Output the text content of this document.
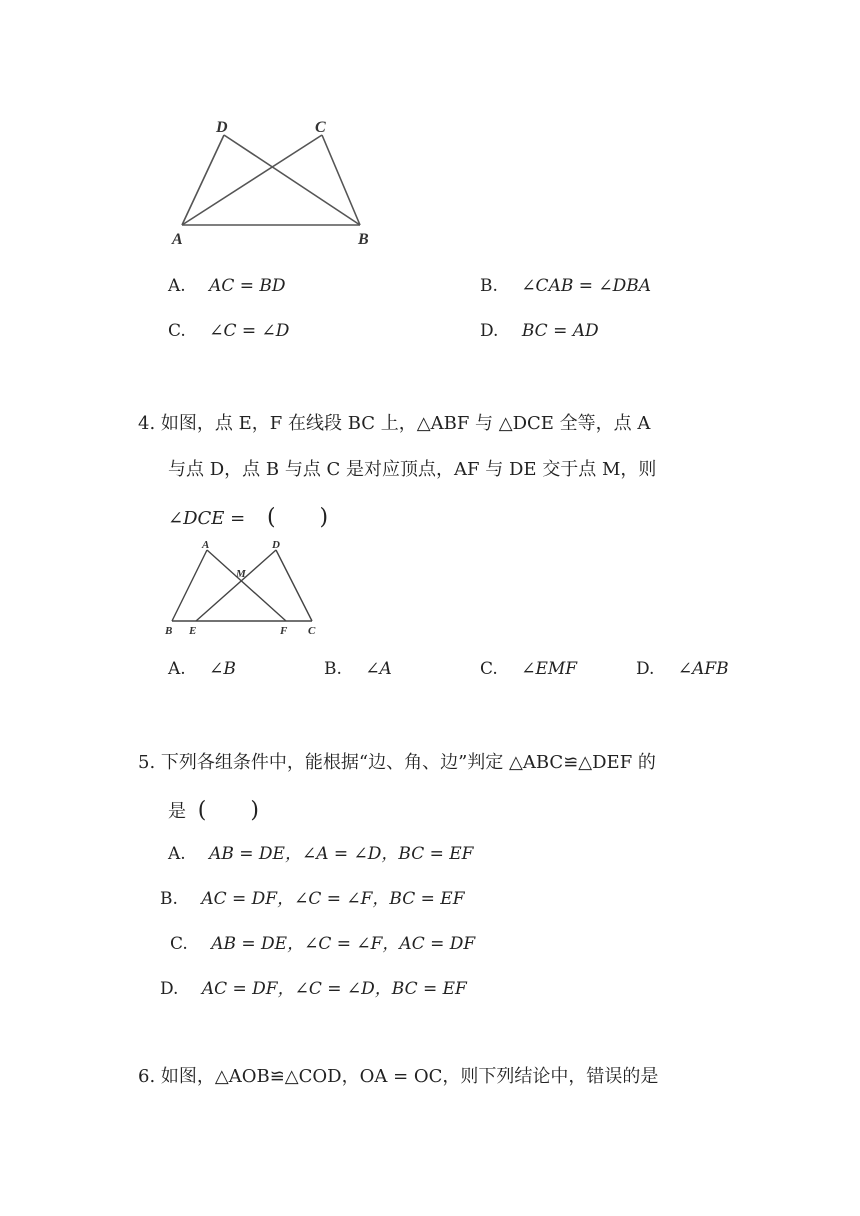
D	C
A	B
A. AC = BD	B. ∠CAB = ∠DBA
C. ∠C = ∠D	D. BC = AD
4. 如图，点 E，F 在线段 BC 上，△ABF 与 △DCE 全等，点 A
与点 D，点 B 与点 C 是对应顶点，AF 与 DE 交于点 M，则
∠DCE = (　　)
A	D
M
B E	F C
A. ∠B	B. ∠A	C. ∠EMF	D. ∠AFB
5. 下列各组条件中，能根据“边、角、边”判定 △ABC≌△DEF 的
是 (　　)
A. AB = DE，∠A = ∠D，BC = EF
B. AC = DF，∠C = ∠F，BC = EF
C. AB = DE，∠C = ∠F，AC = DF
D. AC = DF，∠C = ∠D，BC = EF
6. 如图，△AOB≌△COD，OA = OC，则下列结论中，错误的是
